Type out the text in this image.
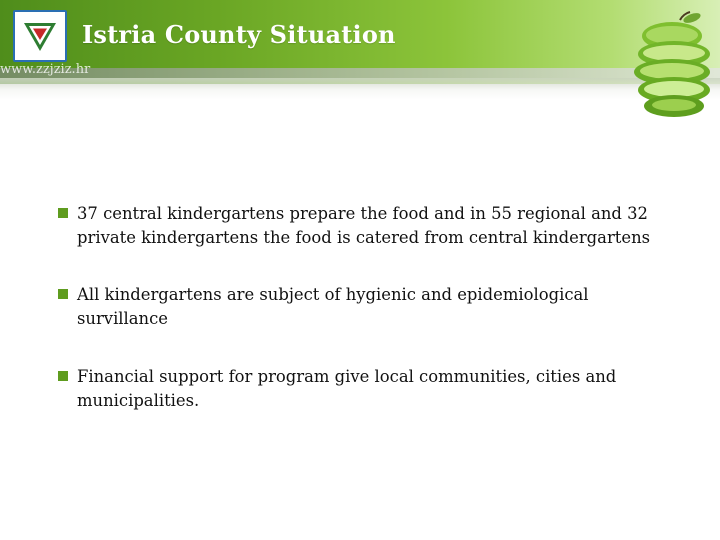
Istria County Situation
www.zzjziz.hr
37 central kindergartens prepare the food and in 55 regional and 32 private kindergartens the food is catered from central kindergartens
All kindergartens are subject of hygienic and epidemiological survillance
Financial support for program give local communities, cities and municipalities.
